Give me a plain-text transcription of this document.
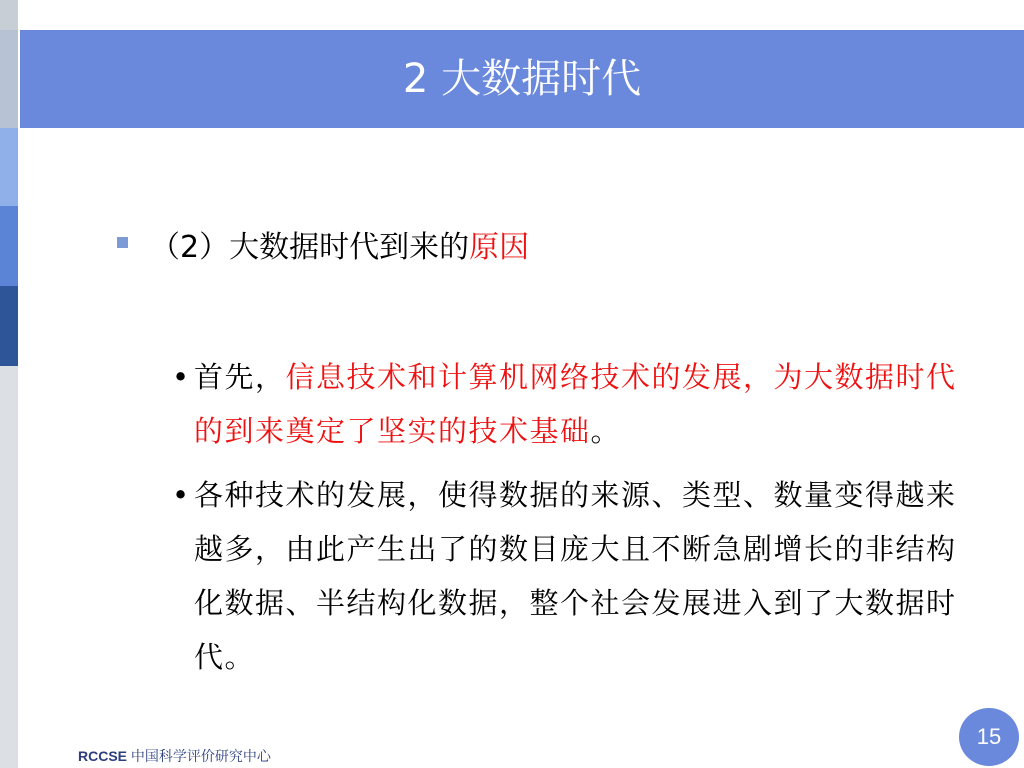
2 大数据时代
（2）大数据时代到来的原因
• 首先，信息技术和计算机网络技术的发展，为大数据时代的到来奠定了坚实的技术基础。
• 各种技术的发展，使得数据的来源、类型、数量变得越来越多，由此产生出了的数目庞大且不断急剧增长的非结构化数据、半结构化数据，整个社会发展进入到了大数据时代。
15
RCCSE 中国科学评价研究中心
